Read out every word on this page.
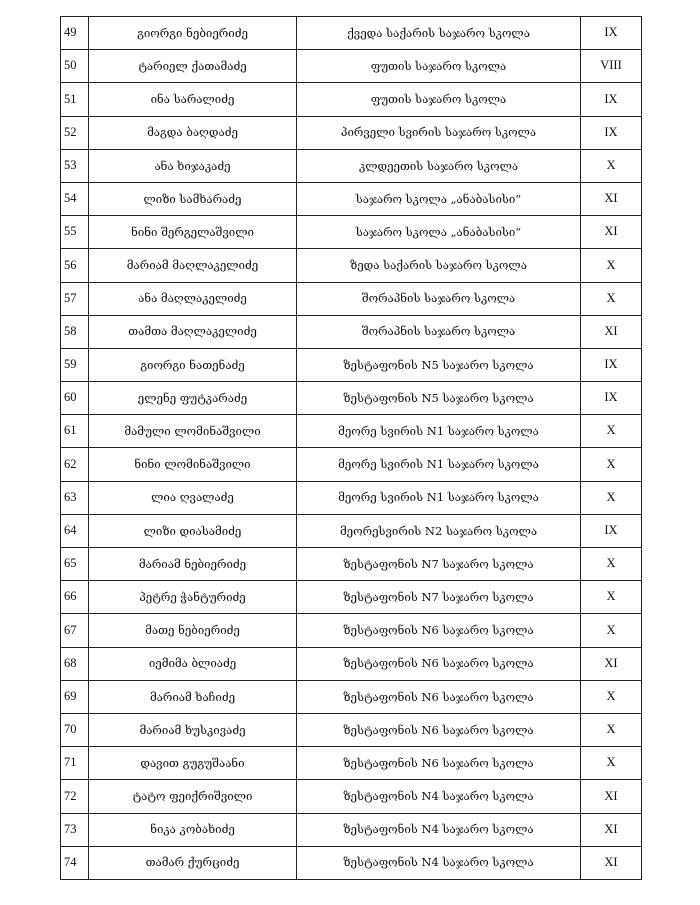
49	გიორგი ნებიერიძე	ქვედა საქარის საჯარო სკოლა	IX
50	ტარიელ ქათამაძე	ფუთის საჯარო სკოლა	VIII
51	ინა სარალიძე	ფუთის საჯარო სკოლა	IX
52	მაგდა ბაღდაძე	პირველი სვირის საჯარო სკოლა	IX
53	ანა ხიჯაკაძე	კლდეეთის საჯარო სკოლა	X
54	ლიზი სამხარაძე	საჯარო სკოლა „ანაბასისი“	XI
55	ნინი შერგელაშვილი	საჯარო სკოლა „ანაბასისი“	XI
56	მარიამ მაღლაკელიძე	ზედა საქარის საჯარო სკოლა	X
57	ანა მაღლაკელიძე	შორაპნის საჯარო სკოლა	X
58	თამთა მაღლაკელიძე	შორაპნის საჯარო სკოლა	XI
59	გიორგი ნათენაძე	ზესტაფონის N5 საჯარო სკოლა	IX
60	ელენე ფუტკარაძე	ზესტაფონის N5 საჯარო სკოლა	IX
61	მამული ლომინაშვილი	მეორე სვირის N1 საჯარო სკოლა	X
62	ნინი ლომინაშვილი	მეორე სვირის N1 საჯარო სკოლა	X
63	ლია ღვალაძე	მეორე სვირის N1 საჯარო სკოლა	X
64	ლიზი დიასამიძე	მეორესვირის N2 საჯარო სკოლა	IX
65	მარიამ ნებიერიძე	ზესტაფონის N7 საჯარო სკოლა	X
66	პეტრე ჭანტურიძე	ზესტაფონის N7 საჯარო სკოლა	X
67	მათე ნებიერიძე	ზესტაფონის N6 საჯარო სკოლა	X
68	იემიმა ბლიაძე	ზესტაფონის N6 საჯარო სკოლა	XI
69	მარიამ ხაჩიძე	ზესტაფონის N6 საჯარო სკოლა	X
70	მარიამ ხუსკივაძე	ზესტაფონის N6 საჯარო სკოლა	X
71	დავით გუგუშაანი	ზესტაფონის N6 საჯარო სკოლა	X
72	ტატო ფეიქრიშვილი	ზესტაფონის N4 საჯარო სკოლა	XI
73	ნიკა კობახიძე	ზესტაფონის N4 საჯარო სკოლა	XI
74	თამარ ქურციძე	ზესტაფონის N4 საჯარო სკოლა	XI
